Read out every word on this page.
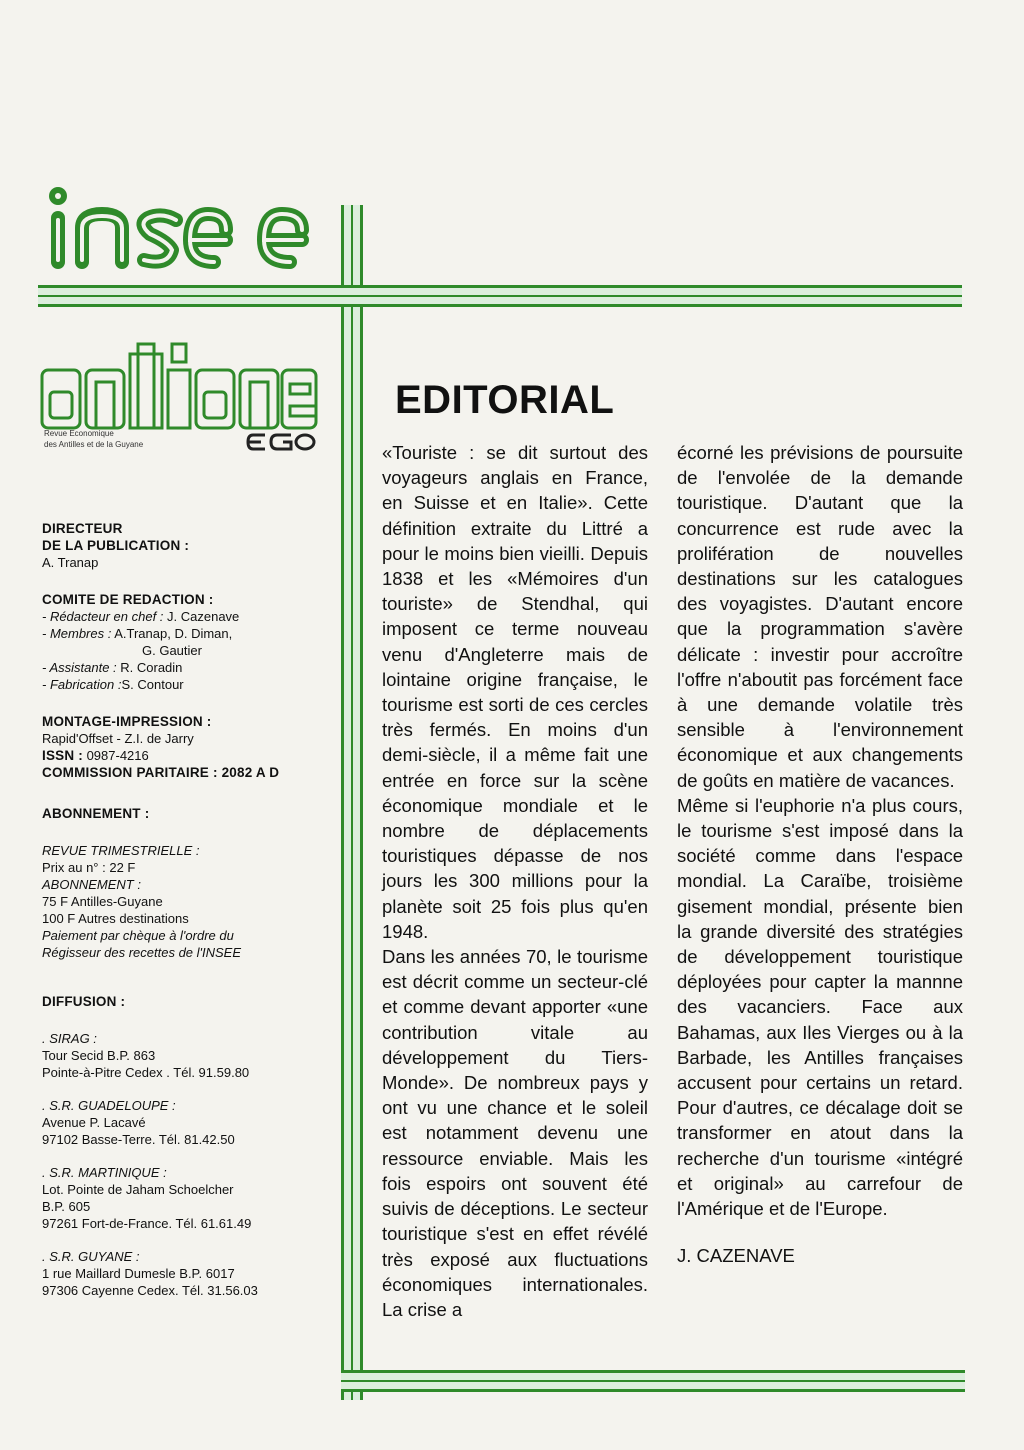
Revue Economique
des Antilles et de la Guyane

DIRECTEUR

DE LA PUBLICATION :

A. Tranap

COMITE DE REDACTION :

- Rédacteur en chef : J. Cazenave

- Membres : A.Tranap, D. Diman,

G. Gautier

- Assistante : R. Coradin

- Fabrication :S. Contour

MONTAGE-IMPRESSION :

Rapid'Offset - Z.I. de Jarry

ISSN : 0987-4216

COMMISSION PARITAIRE : 2082 A D

ABONNEMENT :

REVUE TRIMESTRIELLE :

Prix au n° : 22 F

ABONNEMENT :

75 F Antilles-Guyane

100 F Autres destinations

Paiement par chèque à l'ordre du

Régisseur des recettes de l'INSEE

DIFFUSION :

. SIRAG :

Tour Secid B.P. 863

Pointe-à-Pitre Cedex . Tél. 91.59.80

. S.R. GUADELOUPE :

Avenue P. Lacavé

97102 Basse-Terre. Tél. 81.42.50

. S.R. MARTINIQUE :

Lot. Pointe de Jaham Schoelcher

B.P. 605

97261 Fort-de-France. Tél. 61.61.49

. S.R. GUYANE :

1 rue Maillard Dumesle B.P. 6017

97306 Cayenne Cedex. Tél. 31.56.03

EDITORIAL

«Touriste : se dit surtout des voyageurs anglais en France, en Suisse et en Italie». Cette définition extraite du Littré a pour le moins bien vieilli. Depuis 1838 et les «Mémoires d'un touriste» de Stendhal, qui imposent ce terme nouveau venu d'Angleterre mais de lointaine origine française, le tourisme est sorti de ces cercles très fermés. En moins d'un demi-siècle, il a même fait une entrée en force sur la scène économique mondiale et le nombre de déplacements touristiques dépasse de nos jours les 300 millions pour la planète soit 25 fois plus qu'en 1948.

Dans les années 70, le tourisme est décrit comme un secteur-clé et comme devant apporter «une contribution vitale au développement du Tiers-Monde». De nombreux pays y ont vu une chance et le soleil est notamment devenu une ressource enviable. Mais les fois espoirs ont souvent été suivis de déceptions. Le secteur touristique s'est en effet révélé très exposé aux fluctuations économiques internationales. La crise a

écorné les prévisions de poursuite de l'envolée de la demande touristique. D'autant que la concurrence est rude avec la prolifération de nouvelles destinations sur les catalogues des voyagistes. D'autant encore que la programmation s'avère délicate : investir pour accroître l'offre n'aboutit pas forcément face à une demande volatile très sensible à l'environnement économique et aux changements de goûts en matière de vacances.

Même si l'euphorie n'a plus cours, le tourisme s'est imposé dans la société comme dans l'espace mondial. La Caraïbe, troisième gisement mondial, présente bien la grande diversité des stratégies de développement touristique déployées pour capter la mannne des vacanciers. Face aux Bahamas, aux Iles Vierges ou à la Barbade, les Antilles françaises accusent pour certains un retard. Pour d'autres, ce décalage doit se transformer en atout dans la recherche d'un tourisme «intégré et original» au carrefour de l'Amérique et de l'Europe.

J. CAZENAVE
